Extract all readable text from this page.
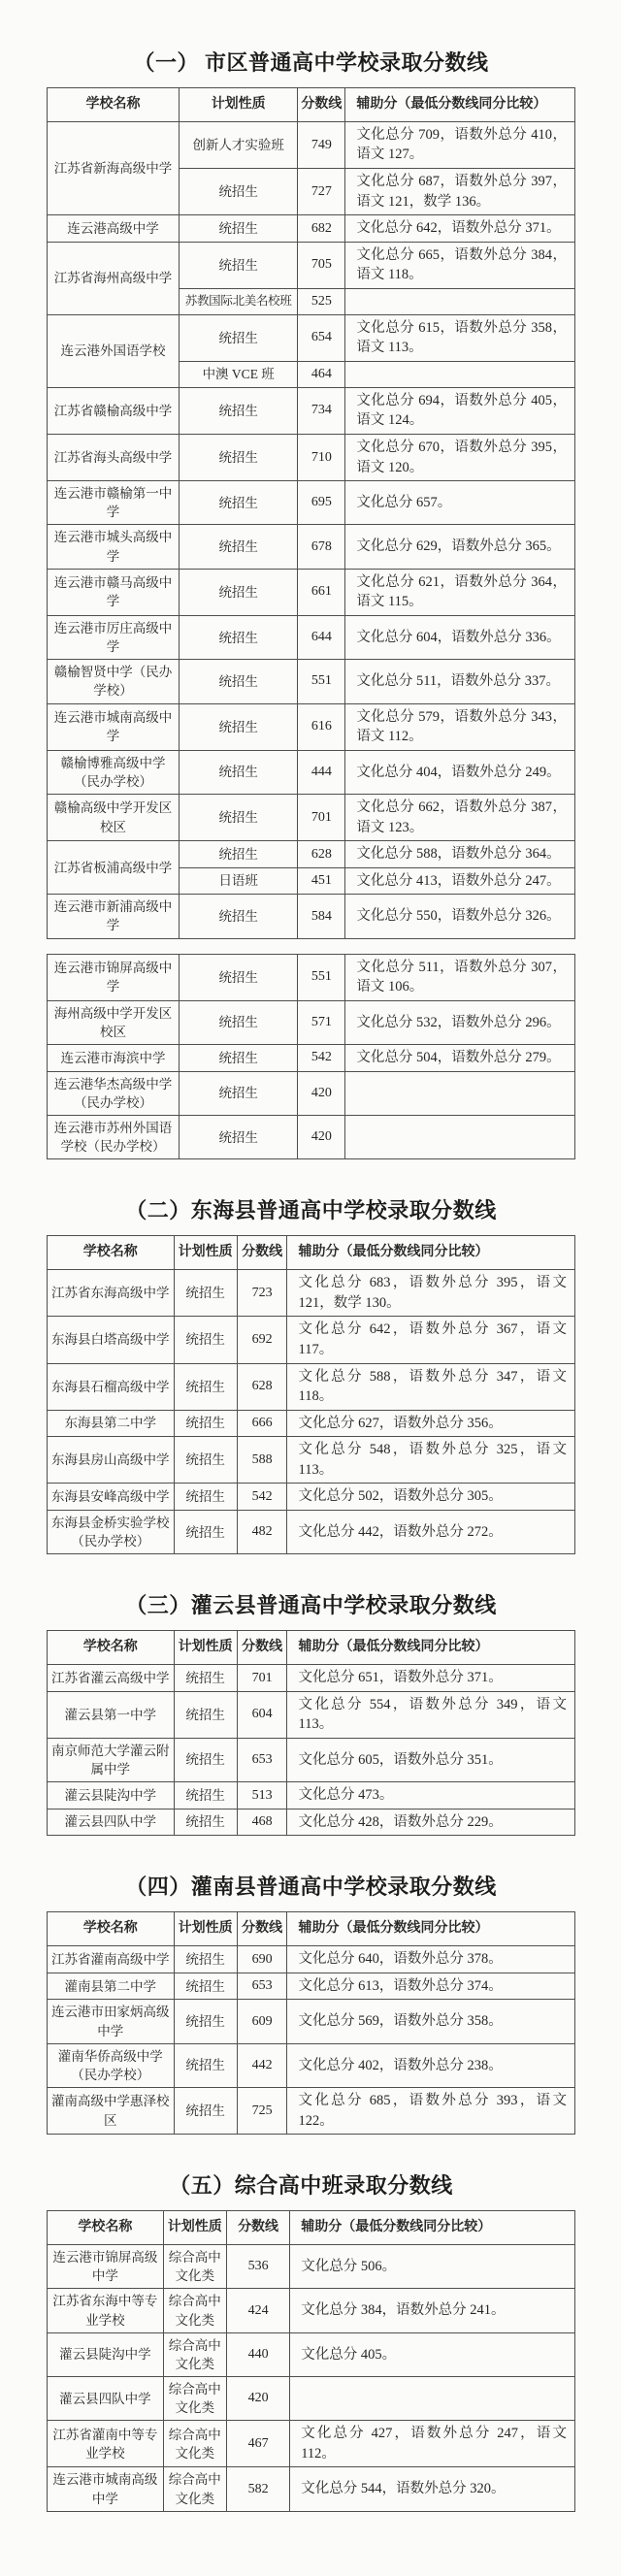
（一） 市区普通高中学校录取分数线
学校名称	计划性质	分数线	辅助分（最低分数线同分比较）
江苏省新海高级中学	创新人才实验班	749	文化总分 709，语数外总分 410，语文 127。
	统招生	727	文化总分 687，语数外总分 397，语文 121，数学 136。
连云港高级中学	统招生	682	文化总分 642，语数外总分 371。
江苏省海州高级中学	统招生	705	文化总分 665，语数外总分 384，语文 118。
	苏教国际北美名校班	525	
连云港外国语学校	统招生	654	文化总分 615，语数外总分 358，语文 113。
	中澳 VCE 班	464	
江苏省赣榆高级中学	统招生	734	文化总分 694，语数外总分 405，语文 124。
江苏省海头高级中学	统招生	710	文化总分 670，语数外总分 395，语文 120。
连云港市赣榆第一中学	统招生	695	文化总分 657。
连云港市城头高级中学	统招生	678	文化总分 629，语数外总分 365。
连云港市赣马高级中学	统招生	661	文化总分 621，语数外总分 364，语文 115。
连云港市厉庄高级中学	统招生	644	文化总分 604，语数外总分 336。
赣榆智贤中学（民办学校）	统招生	551	文化总分 511，语数外总分 337。
连云港市城南高级中学	统招生	616	文化总分 579，语数外总分 343，语文 112。
赣榆博雅高级中学（民办学校）	统招生	444	文化总分 404，语数外总分 249。
赣榆高级中学开发区校区	统招生	701	文化总分 662，语数外总分 387，语文 123。
江苏省板浦高级中学	统招生	628	文化总分 588，语数外总分 364。
	日语班	451	文化总分 413，语数外总分 247。
连云港市新浦高级中学	统招生	584	文化总分 550，语数外总分 326。
连云港市锦屏高级中学	统招生	551	文化总分 511，语数外总分 307，语文 106。
海州高级中学开发区校区	统招生	571	文化总分 532，语数外总分 296。
连云港市海滨中学	统招生	542	文化总分 504，语数外总分 279。
连云港华杰高级中学（民办学校）	统招生	420	
连云港市苏州外国语学校（民办学校）	统招生	420	
（二）东海县普通高中学校录取分数线
学校名称	计划性质	分数线	辅助分（最低分数线同分比较）
江苏省东海高级中学	统招生	723	文化总分 683，语数外总分 395，语文 121，数学 130。
东海县白塔高级中学	统招生	692	文化总分 642，语数外总分 367，语文 117。
东海县石榴高级中学	统招生	628	文化总分 588，语数外总分 347，语文 118。
东海县第二中学	统招生	666	文化总分 627，语数外总分 356。
东海县房山高级中学	统招生	588	文化总分 548，语数外总分 325，语文 113。
东海县安峰高级中学	统招生	542	文化总分 502，语数外总分 305。
东海县金桥实验学校（民办学校）	统招生	482	文化总分 442，语数外总分 272。
（三）灌云县普通高中学校录取分数线
学校名称	计划性质	分数线	辅助分（最低分数线同分比较）
江苏省灌云高级中学	统招生	701	文化总分 651，语数外总分 371。
灌云县第一中学	统招生	604	文化总分 554，语数外总分 349，语文 113。
南京师范大学灌云附属中学	统招生	653	文化总分 605，语数外总分 351。
灌云县陡沟中学	统招生	513	文化总分 473。
灌云县四队中学	统招生	468	文化总分 428，语数外总分 229。
（四）灌南县普通高中学校录取分数线
学校名称	计划性质	分数线	辅助分（最低分数线同分比较）
江苏省灌南高级中学	统招生	690	文化总分 640，语数外总分 378。
灌南县第二中学	统招生	653	文化总分 613，语数外总分 374。
连云港市田家炳高级中学	统招生	609	文化总分 569，语数外总分 358。
灌南华侨高级中学（民办学校）	统招生	442	文化总分 402，语数外总分 238。
灌南高级中学惠泽校区	统招生	725	文化总分 685，语数外总分 393，语文 122。
（五）综合高中班录取分数线
学校名称	计划性质	分数线	辅助分（最低分数线同分比较）
连云港市锦屏高级中学	综合高中文化类	536	文化总分 506。
江苏省东海中等专业学校	综合高中文化类	424	文化总分 384，语数外总分 241。
灌云县陡沟中学	综合高中文化类	440	文化总分 405。
灌云县四队中学	综合高中文化类	420	
江苏省灌南中等专业学校	综合高中文化类	467	文化总分 427，语数外总分 247，语文 112。
连云港市城南高级中学	综合高中文化类	582	文化总分 544，语数外总分 320。
